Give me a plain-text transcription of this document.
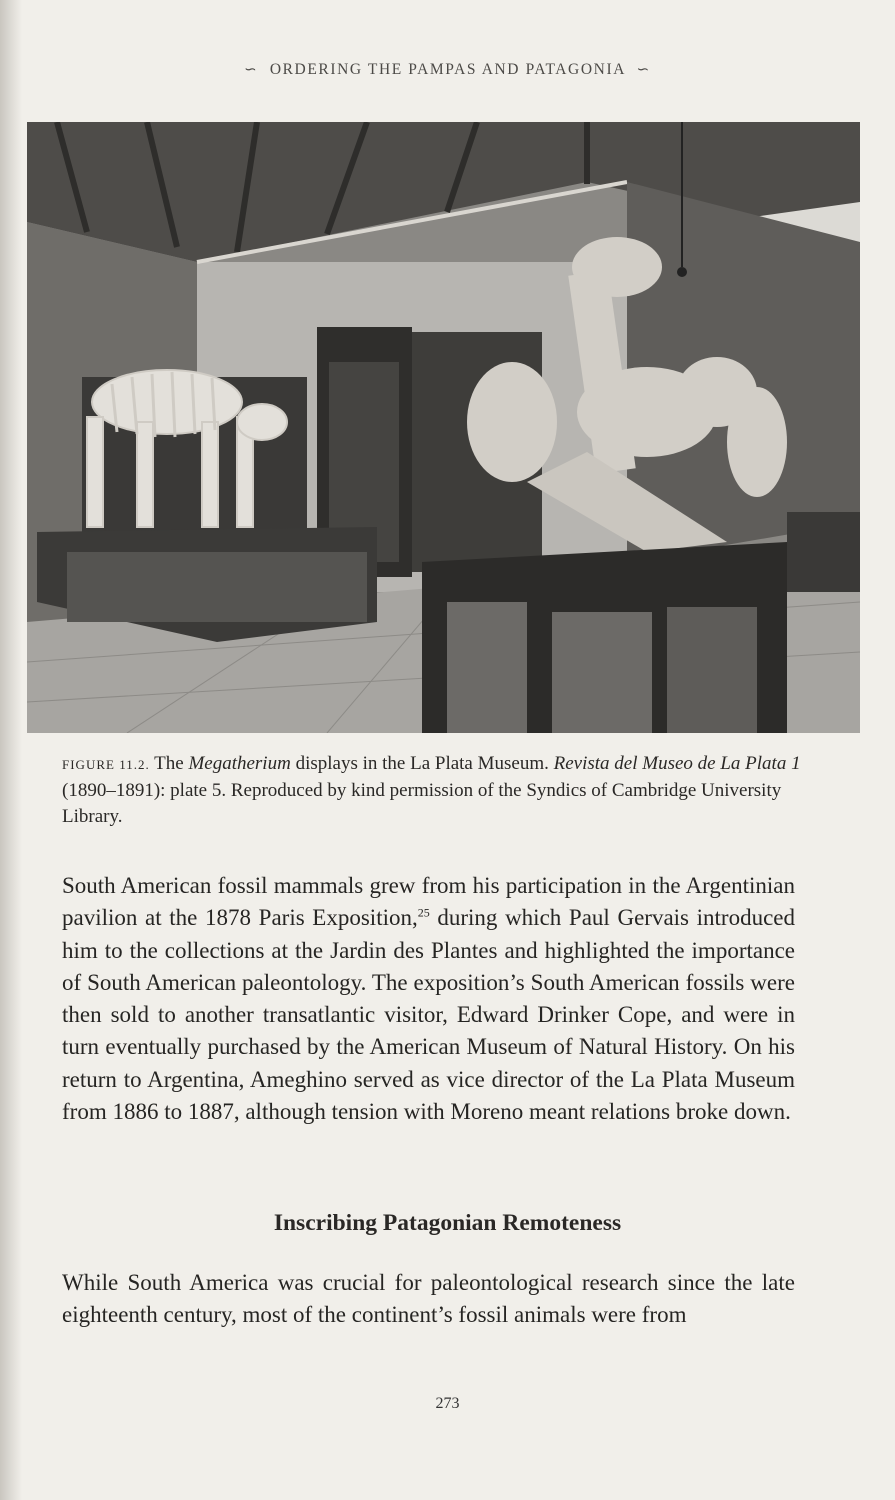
∽ ORDERING THE PAMPAS AND PATAGONIA ∽
FIGURE 11.2. The Megatherium displays in the La Plata Museum. Revista del Museo de La Plata 1 (1890–1891): plate 5. Reproduced by kind permission of the Syndics of Cambridge University Library.
South American fossil mammals grew from his participation in the Argentinian pavilion at the 1878 Paris Exposition,$^{25}$ during which Paul Gervais introduced him to the collections at the Jardin des Plantes and highlighted the importance of South American paleontology. The exposition’s South American fossils were then sold to another transatlantic visitor, Edward Drinker Cope, and were in turn eventually purchased by the American Museum of Natural History. On his return to Argentina, Ameghino served as vice director of the La Plata Museum from 1886 to 1887, although tension with Moreno meant relations broke down.
Inscribing Patagonian Remoteness
While South America was crucial for paleontological research since the late eighteenth century, most of the continent’s fossil animals were from
273
